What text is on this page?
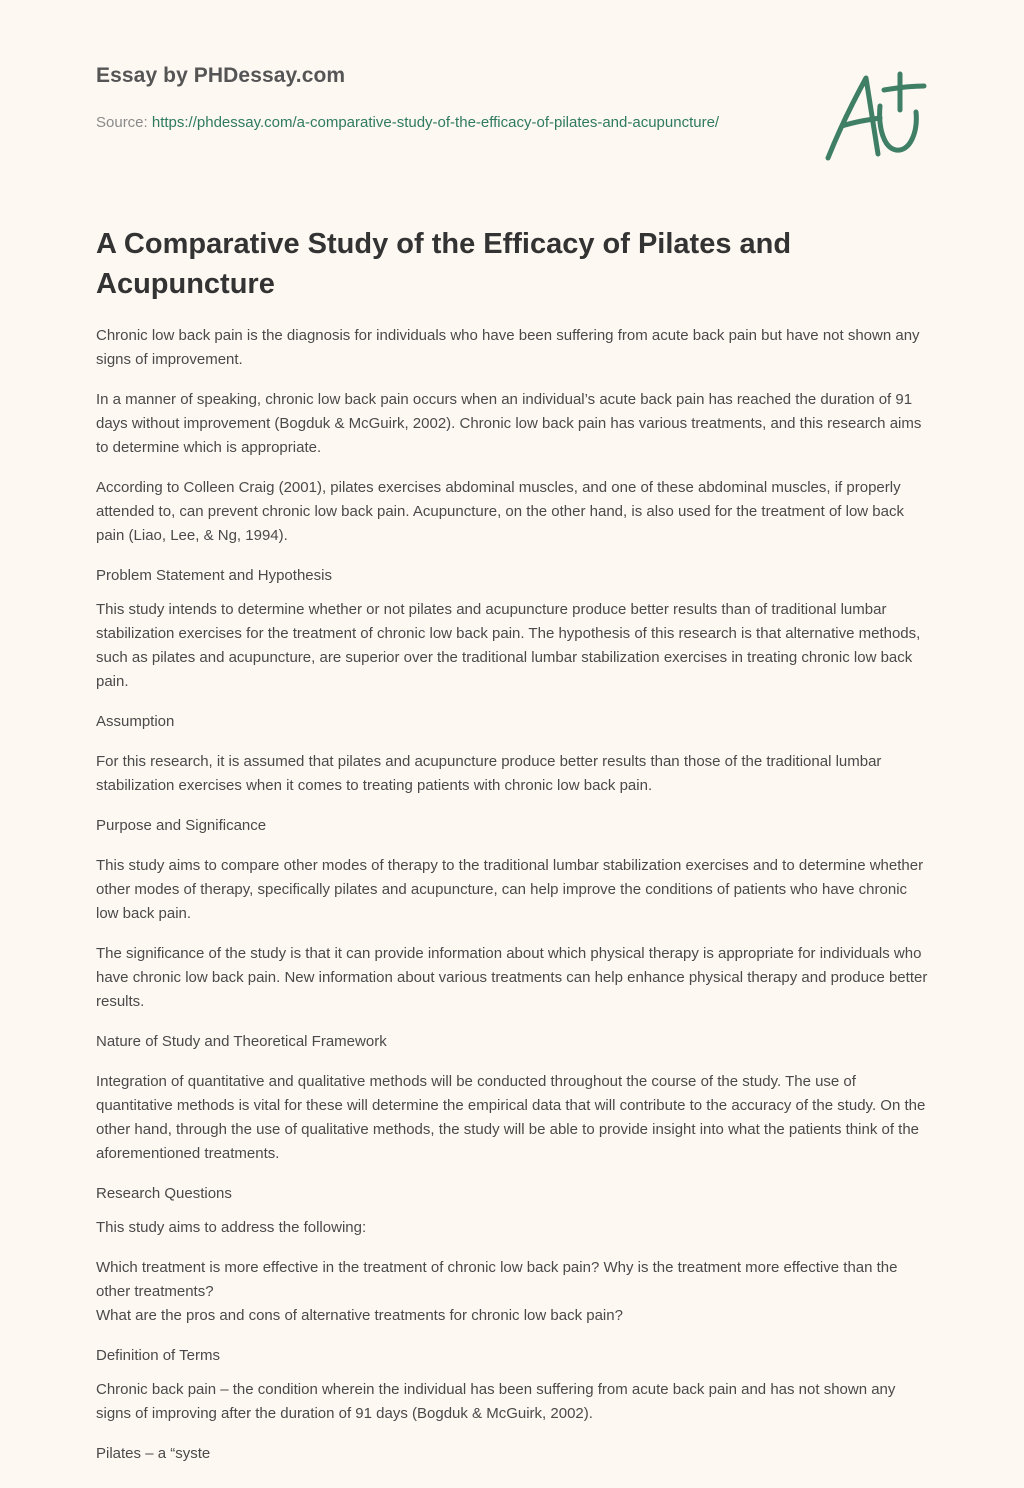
Essay by PHDessay.com
Source: https://phdessay.com/a-comparative-study-of-the-efficacy-of-pilates-and-acupuncture/
A Comparative Study of the Efficacy of Pilates and Acupuncture

Chronic low back pain is the diagnosis for individuals who have been suffering from acute back pain but have not shown any signs of improvement.

In a manner of speaking, chronic low back pain occurs when an individual’s acute back pain has reached the duration of 91 days without improvement (Bogduk & McGuirk, 2002). Chronic low back pain has various treatments, and this research aims to determine which is appropriate.

According to Colleen Craig (2001), pilates exercises abdominal muscles, and one of these abdominal muscles, if properly attended to, can prevent chronic low back pain. Acupuncture, on the other hand, is also used for the treatment of low back pain (Liao, Lee, & Ng, 1994).

Problem Statement and Hypothesis

This study intends to determine whether or not pilates and acupuncture produce better results than of traditional lumbar stabilization exercises for the treatment of chronic low back pain. The hypothesis of this research is that alternative methods, such as pilates and acupuncture, are superior over the traditional lumbar stabilization exercises in treating chronic low back pain.

Assumption

For this research, it is assumed that pilates and acupuncture produce better results than those of the traditional lumbar stabilization exercises when it comes to treating patients with chronic low back pain.

Purpose and Significance

This study aims to compare other modes of therapy to the traditional lumbar stabilization exercises and to determine whether other modes of therapy, specifically pilates and acupuncture, can help improve the conditions of patients who have chronic low back pain.

The significance of the study is that it can provide information about which physical therapy is appropriate for individuals who have chronic low back pain. New information about various treatments can help enhance physical therapy and produce better results.

Nature of Study and Theoretical Framework

Integration of quantitative and qualitative methods will be conducted throughout the course of the study. The use of quantitative methods is vital for these will determine the empirical data that will contribute to the accuracy of the study. On the other hand, through the use of qualitative methods, the study will be able to provide insight into what the patients think of the aforementioned treatments.

Research Questions

This study aims to address the following:

Which treatment is more effective in the treatment of chronic low back pain? Why is the treatment more effective than the other treatments?
What are the pros and cons of alternative treatments for chronic low back pain?

Definition of Terms

Chronic back pain – the condition wherein the individual has been suffering from acute back pain and has not shown any signs of improving after the duration of 91 days (Bogduk & McGuirk, 2002).

Pilates – a “syste
